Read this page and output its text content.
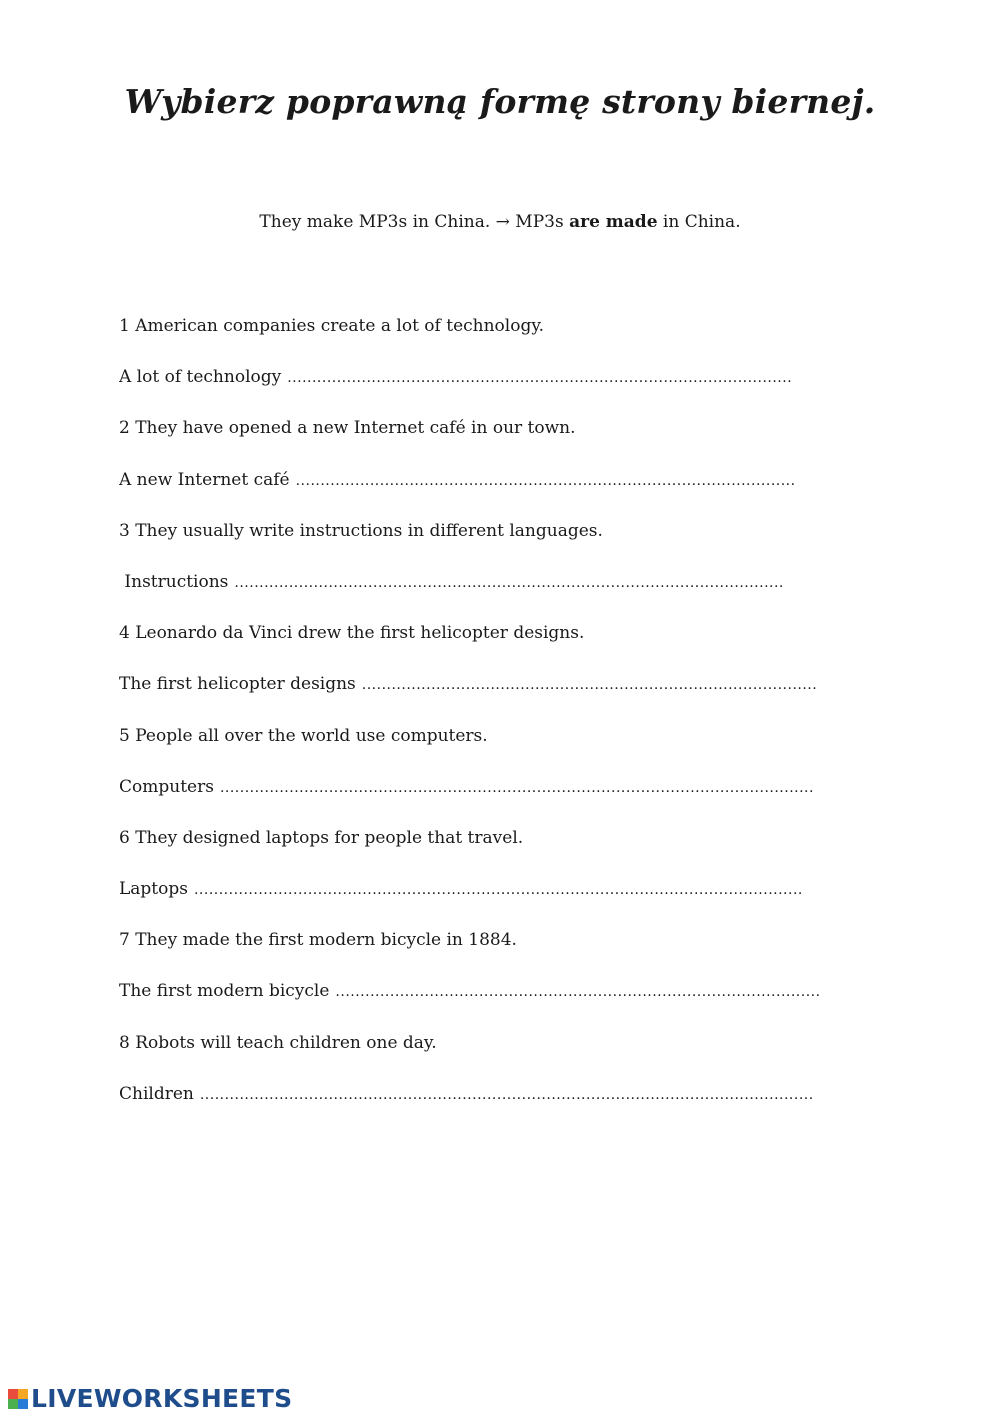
Wybierz poprawną formę strony biernej.
They make MP3s in China. → MP3s are made in China.
1 American companies create a lot of technology.
A lot of technology ......................................................................................................
2 They have opened a new Internet café in our town.
A new Internet café .....................................................................................................
3 They usually write instructions in different languages.
Instructions ...............................................................................................................
4 Leonardo da Vinci drew the first helicopter designs.
The first helicopter designs ............................................................................................
5 People all over the world use computers.
Computers ........................................................................................................................
6 They designed laptops for people that travel.
Laptops ...........................................................................................................................
7 They made the first modern bicycle in 1884.
The first modern bicycle ..................................................................................................
8 Robots will teach children one day.
Children ............................................................................................................................
LIVEWORKSHEETS
